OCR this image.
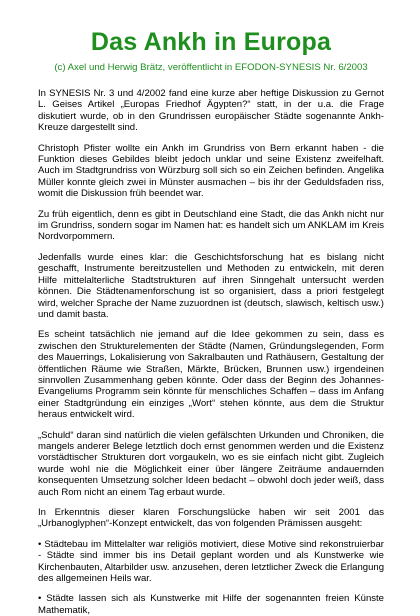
Das Ankh in Europa

(c) Axel und Herwig Brätz, veröffentlicht in EFODON-SYNESIS Nr. 6/2003

In SYNESIS Nr. 3 und 4/2002 fand eine kurze aber heftige Diskussion zu Gernot L. Geises Artikel „Europas Friedhof Ägypten?“ statt, in der u.a. die Frage diskutiert wurde, ob in den Grundrissen europäischer Städte sogenannte Ankh-Kreuze dargestellt sind.

Christoph Pfister wollte ein Ankh im Grundriss von Bern erkannt haben - die Funktion dieses Gebildes bleibt jedoch unklar und seine Existenz zweifelhaft. Auch im Stadtgrundriss von Würzburg soll sich so ein Zeichen befinden. Angelika Müller konnte gleich zwei in Münster ausmachen – bis ihr der Geduldsfaden riss, womit die Diskussion früh beendet war.

Zu früh eigentlich, denn es gibt in Deutschland eine Stadt, die das Ankh nicht nur im Grundriss, sondern sogar im Namen hat: es handelt sich um ANKLAM im Kreis Nordvorpommern.

Jedenfalls wurde eines klar: die Geschichtsforschung hat es bislang nicht geschafft, Instrumente bereitzustellen und Methoden zu entwickeln, mit deren Hilfe mittelalterliche Stadtstrukturen auf ihren Sinngehalt untersucht werden können. Die Städtenamenforschung ist so organisiert, dass a priori festgelegt wird, welcher Sprache der Name zuzuordnen ist (deutsch, slawisch, keltisch usw.) und damit basta.

Es scheint tatsächlich nie jemand auf die Idee gekommen zu sein, dass es zwischen den Strukturelementen der Städte (Namen, Gründungslegenden, Form des Mauerrings, Lokalisierung von Sakralbauten und Rathäusern, Gestaltung der öffentlichen Räume wie Straßen, Märkte, Brücken, Brunnen usw.) irgendeinen sinnvollen Zusammenhang geben könnte. Oder dass der Beginn des Johannes-Evangeliums Programm sein könnte für menschliches Schaffen – dass im Anfang einer Stadtgründung ein einziges „Wort“ stehen könnte, aus dem die Struktur heraus entwickelt wird.

„Schuld“ daran sind natürlich die vielen gefälschten Urkunden und Chroniken, die mangels anderer Belege letztlich doch ernst genommen werden und die Existenz vorstädtischer Strukturen dort vorgaukeln, wo es sie einfach nicht gibt. Zugleich wurde wohl nie die Möglichkeit einer über längere Zeiträume andauernden konsequenten Umsetzung solcher Ideen bedacht – obwohl doch jeder weiß, dass auch Rom nicht an einem Tag erbaut wurde.

In Erkenntnis dieser klaren Forschungslücke haben wir seit 2001 das „Urbanoglyphen“-Konzept entwickelt, das von folgenden Prämissen ausgeht:

• Städtebau im Mittelalter war religiös motiviert, diese Motive sind rekonstruierbar - Städte sind immer bis ins Detail geplant worden und als Kunstwerke wie Kirchenbauten, Altarbilder usw. anzusehen, deren letztlicher Zweck die Erlangung des allgemeinen Heils war.

• Städte lassen sich als Kunstwerke mit Hilfe der sogenannten freien Künste Mathematik,
